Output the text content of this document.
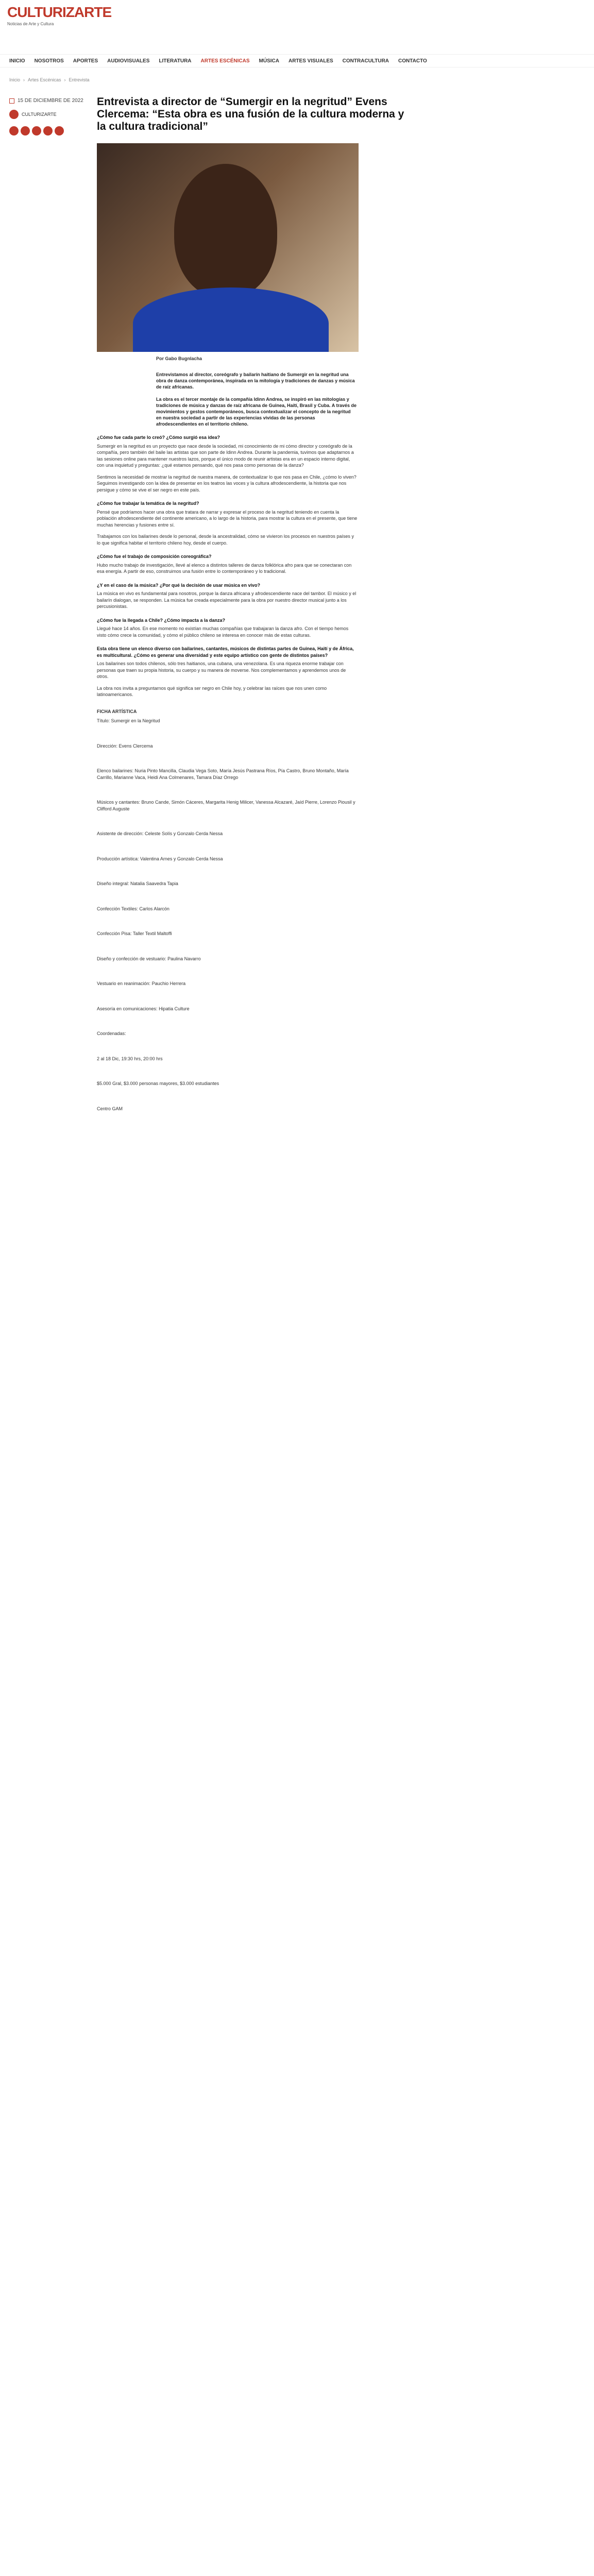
CULTURIZARTE
Noticias de Arte y Cultura
INICIO NOSOTROS APORTES AUDIOVISUALES LITERATURA ARTES ESCÉNICAS MÚSICA ARTES VISUALES CONTRACULTURA CONTACTO
Inicio › Artes Escénicas › Entrevista
15 DE DICIEMBRE DE 2022
CULTURIZARTE
Entrevista a director de “Sumergir en la negritud” Evens Clercema: “Esta obra es una fusión de la cultura moderna y la cultura tradicional”
Por Gabo Bugnlacha

Entrevistamos al director, coreógrafo y bailarín haitiano de Sumergir en la negritud una obra de danza contemporánea, inspirada en la mitología y tradiciones de danzas y música de raíz africanas.

La obra es el tercer montaje de la compañía Idinn Andrea, se inspiró en las mitologías y tradiciones de música y danzas de raíz africana de Guinea, Haití, Brasil y Cuba. A través de movimientos y gestos contemporáneos, busca contextualizar el concepto de la negritud en nuestra sociedad a partir de las experiencias vividas de las personas afrodescendientes en el territorio chileno.

¿Cómo fue cada parte lo creó? ¿Cómo surgió esa idea?

Sumergir en la negritud es un proyecto que nace desde la sociedad, mi conocimiento de mi cómo director y coreógrafo de la compañía, pero también del baile las artistas que son parte de Idinn Andrea. Durante la pandemia, tuvimos que adaptarnos a las sesiones online para mantener nuestros lazos, porque el único modo de reunir artistas era en un espacio interno digital, con una inquietud y preguntas: ¿qué estamos pensando, qué nos pasa como personas de la danza?

Sentimos la necesidad de mostrar la negritud de nuestra manera, de contextualizar lo que nos pasa en Chile, ¿cómo lo viven? Seguimos investigando con la idea de presentar en los teatros las voces y la cultura afrodescendiente, la historia que nos persigue y cómo se vive el ser negro en este país.

¿Cómo fue trabajar la temática de la negritud?

Pensé que podríamos hacer una obra que tratara de narrar y expresar el proceso de la negritud teniendo en cuenta la población afrodescendiente del continente americano, a lo largo de la historia, para mostrar la cultura en el presente, que tiene muchas herencias y fusiones entre sí.

Trabajamos con los bailarines desde lo personal, desde la ancestralidad, cómo se vivieron los procesos en nuestros países y lo que significa habitar el territorio chileno hoy, desde el cuerpo.

¿Cómo fue el trabajo de composición coreográfica?

Hubo mucho trabajo de investigación, llevé al elenco a distintos talleres de danza folklórica afro para que se conectaran con esa energía. A partir de eso, construimos una fusión entre lo contemporáneo y lo tradicional.

¿Y en el caso de la música? ¿Por qué la decisión de usar música en vivo?

La música en vivo es fundamental para nosotros, porque la danza africana y afrodescendiente nace del tambor. El músico y el bailarín dialogan, se responden. La música fue creada especialmente para la obra por nuestro director musical junto a los percusionistas.

¿Cómo fue la llegada a Chile? ¿Cómo impacta a la danza?

Llegué hace 14 años. En ese momento no existían muchas compañías que trabajaran la danza afro. Con el tiempo hemos visto cómo crece la comunidad, y cómo el público chileno se interesa en conocer más de estas culturas.

Esta obra tiene un elenco diverso con bailarines, cantantes, músicos de distintas partes de Guinea, Haití y de África, es multicultural. ¿Cómo es generar una diversidad y este equipo artístico con gente de distintos países?

Los bailarines son todos chilenos, sólo tres haitianos, una cubana, una venezolana. Es una riqueza enorme trabajar con personas que traen su propia historia, su cuerpo y su manera de moverse. Nos complementamos y aprendemos unos de otros.

La obra nos invita a preguntarnos qué significa ser negro en Chile hoy, y celebrar las raíces que nos unen como latinoamericanos.

FICHA ARTÍSTICA

Título: Sumergir en la Negritud

Dirección: Evens Clercema

Elenco bailarines: Nuria Pinto Mancilla, Claudia Vega Soto, María Jesús Pastrana Ríos, Pía Castro, Bruno Montaño, María Carrillo, Marianne Vaca, Heidi Ana Colmenares, Tamara Díaz Orrego

Músicos y cantantes: Bruno Cande, Simón Cáceres, Margarita Henig Milicer, Vanessa Alcazaré, Jaíd Pierre, Lorenzo Piousil y Clifford Auguste

Asistente de dirección: Celeste Solís y Gonzalo Cerda Nessa

Producción artística: Valentina Arnes y Gonzalo Cerda Nessa

Diseño integral: Natalia Saavedra Tapia

Confección Textiles: Carlos Alarcón

Confección Pisa: Taller Textil Maltoffi

Diseño y confección de vestuario: Paulina Navarro

Vestuario en reanimación: Pauchio Herrera

Asesoría en comunicaciones: Hipatia Culture

Coordenadas:

2 al 18 Dic, 19:30 hrs, 20:00 hrs

$5.000 Gral, $3.000 personas mayores, $3.000 estudiantes

Centro GAM
